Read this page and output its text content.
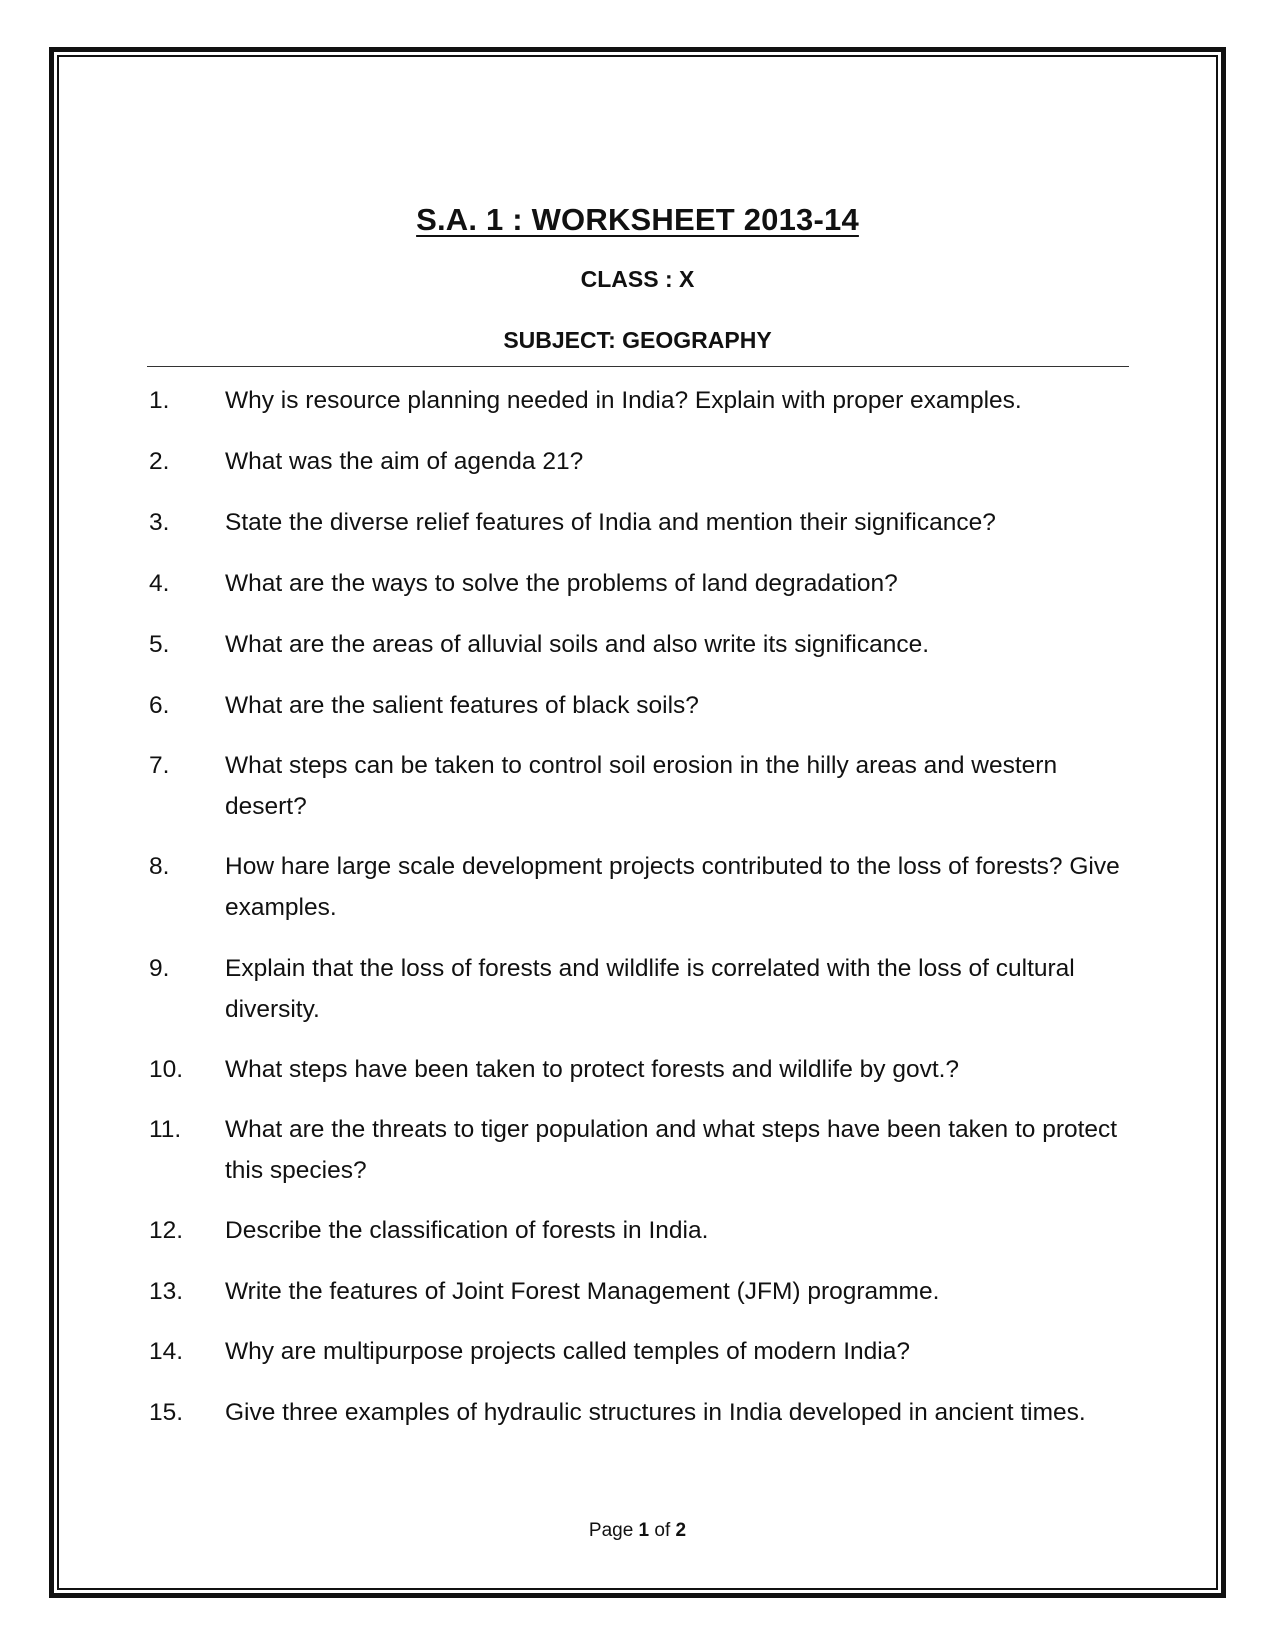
S.A. 1 : WORKSHEET 2013-14
CLASS : X
SUBJECT: GEOGRAPHY
1. Why is resource planning needed in India? Explain with proper examples.
2. What was the aim of agenda 21?
3. State the diverse relief features of India and mention their significance?
4. What are the ways to solve the problems of land degradation?
5. What are the areas of alluvial soils and also write its significance.
6. What are the salient features of black soils?
7. What steps can be taken to control soil erosion in the hilly areas and western desert?
8. How hare large scale development projects contributed to the loss of forests? Give examples.
9. Explain that the loss of forests and wildlife is correlated with the loss of cultural diversity.
10. What steps have been taken to protect forests and wildlife by govt.?
11. What are the threats to tiger population and what steps have been taken to protect this species?
12. Describe the classification of forests in India.
13. Write the features of Joint Forest Management (JFM) programme.
14. Why are multipurpose projects called temples of modern India?
15. Give three examples of hydraulic structures in India developed in ancient times.
Page 1 of 2
